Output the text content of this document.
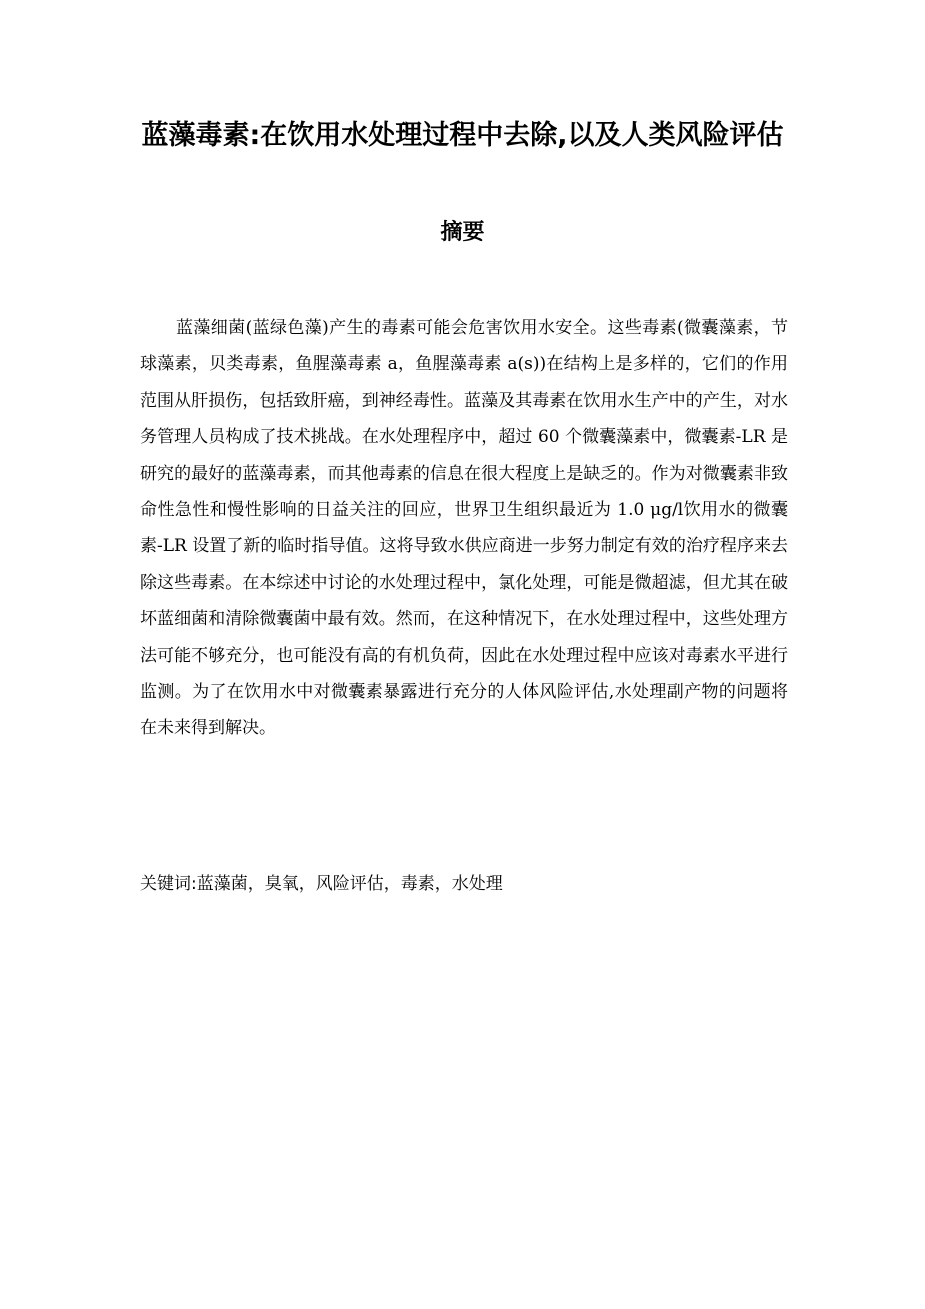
蓝藻毒素:在饮用水处理过程中去除,以及人类风险评估
摘要

蓝藻细菌(蓝绿色藻)产生的毒素可能会危害饮用水安全。这些毒素(微囊藻素，节球藻素，贝类毒素，鱼腥藻毒素 a，鱼腥藻毒素 a(s))在结构上是多样的，它们的作用范围从肝损伤，包括致肝癌，到神经毒性。蓝藻及其毒素在饮用水生产中的产生，对水务管理人员构成了技术挑战。在水处理程序中，超过 60 个微囊藻素中，微囊素-LR 是研究的最好的蓝藻毒素，而其他毒素的信息在很大程度上是缺乏的。作为对微囊素非致命性急性和慢性影响的日益关注的回应，世界卫生组织最近为 1.0 μg/l饮用水的微囊素-LR 设置了新的临时指导值。这将导致水供应商进一步努力制定有效的治疗程序来去除这些毒素。在本综述中讨论的水处理过程中，氯化处理，可能是微超滤，但尤其在破坏蓝细菌和清除微囊菌中最有效。然而，在这种情况下，在水处理过程中，这些处理方法可能不够充分，也可能没有高的有机负荷，因此在水处理过程中应该对毒素水平进行监测。为了在饮用水中对微囊素暴露进行充分的人体风险评估,水处理副产物的问题将在未来得到解决。

关键词:蓝藻菌，臭氧，风险评估，毒素，水处理
